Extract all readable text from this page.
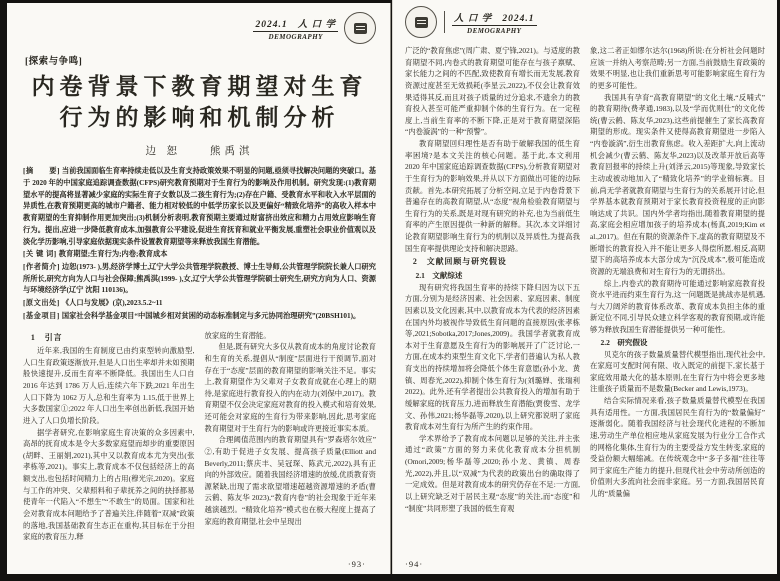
2024.1 人 口 学
DEMOGRAPHY
[探索与争鸣]
内卷背景下教育期望对生育
行为的影响和机制分析
边 恕　　熊禹淇

[摘　　要] 当前我国面临生育率持续走低以及生育支持政策效果不明显的问题,亟须寻找解决问题的突破口。基于 2020 年的中国家庭追踪调查数据(CFPS)研究教育预期对于生育行为的影响及作用机制。研究发现:(1)教育期望水平的提高将显著减少家庭的实际生育子女数以及二孩生育行为;(2)存在户籍、受教育水平和收入水平层面的异质性,在教育预期更高的城市户籍者、能力相对较低的中低学历家长以及更偏好“精致化培养”的高收入样本中教育期望的生育抑制作用更加突出;(3)机制分析表明,教育预期主要通过财富挤出效应和精力占用效应影响生育行为。提出,应进一步降低教育成本,加强教育公平建设,促进生育抚育和就业平衡发展,重塑社会职业价值观以及淡化学历影响,引导家庭依据现实条件设置教育期望等来释放我国生育潜能。

[关 键 词] 教育期望;生育行为;内卷;教育成本

[作者简介] 边恕(1973- ),男,经济学博士,辽宁大学公共管理学院教授、博士生导师,公共管理学院院长兼人口研究所所长,研究方向为人口与社会保障;熊禹淇(1999- ),女,辽宁大学公共管理学院硕士研究生,研究方向为人口、资源与环境经济学(辽宁 沈阳 110136)。

[原文出处] 《人口与发展》(京),2023.5.2~11

[基金项目] 国家社会科学基金项目“中国城乡相对贫困的动态标准制定与多元协同治理研究”(20BSH101)。

1　引言

近年来,我国的生育制度已由约束型转向激励型,人口生育政策逐渐放开,但是人口出生率却并未如预期般快速提升,反而生育率不断降低。我国出生人口自 2016 年达到 1786 万人后,连续六年下跌,2021 年出生人口下降为 1062 万人,总和生育率为 1.15,低于世界上大多数国家①;2022 年人口出生率创出新低,我国开始进入了人口负增长阶段。

据学者研究,在影响家庭生育决策的众多因素中,高昂的抚育成本是令大多数家庭望而却步的重要原因(胡畔、王丽娟,2021),其中又以教育成本尤为突出(张孝栋等,2021)。事实上,教育成本不仅包括经济上的高额支出,也包括时间精力上的占用(穆光宗,2020)。家庭与工作的冲突、父辈照料和子辈抚养之间的抉择都易使青年一代陷入“不想生”“不敢生”的局面。国家和社会对教育成本问题给予了普遍关注,伴随着“双减”政策的落地,我国基础教育生态正在重构,其目标在于分担家庭的教育压力,释

放家庭的生育潜能。

但是,既有研究大多仅从教育成本的角度讨论教育和生育的关系,提倡从“制度”层面进行干预调节,面对存在于“态度”层面的教育期望的影响关注不足。事实上,教育期望作为父辈对子女教育成就在心理上的期待,是家庭进行教育投入的内在动力(刘保中,2017)。教育期望不仅会决定家庭对教育的投入模式和培育效果,还可能会对家庭的生育行为带来影响,因此,思考家庭教育期望对于生育行为的影响或许更接近事实本质。

合理阈值范围内的教育期望具有“罗森塔尔效应”②,有助于促进子女发展、提高孩子质量(Elliott and Beverly,2011;蔡庆丰、吴冠琛、陈武元,2022),具有正向的外部效应。随着我国经济增速的放缓,优质教育资源紧缺,出现了需求欲望增速超越资源增速的矛盾(曹云鹤、陈友华 2023),“教育内卷”的社会现象于近年来越演越烈。“精致化培养”模式也在极大程度上提高了家庭的教育期望,社会中呈现出

·93·
人 口 学 2024.1
DEMOGRAPHY

广泛的“教育焦虑”(周广肃、夏宁锋,2021)。与适度的教育期望不同,内卷式的教育期望可能存在与孩子禀赋、家长能力之间的不匹配,致使教育有增长而无发展,教育资源过度甚至无效损耗(李星云,2022),不仅会让教育效果适得其反,而且对孩子质量的过分追求,不遗余力的教育投入甚至可能严重抑制个体的生育行为。在一定程度上,当前生育率的不断下降,正是对于教育期望深陷“内卷漩涡”的一种“预警”。

教育期望回归理性是否有助于破解我国的低生育率困境?是本文关注的核心问题。基于此,本文利用 2020 年中国家庭追踪调查数据(CFPS),分析教育期望对于生育行为的影响效果,并从以下方面做出可能的边际贡献。首先,本研究拓展了分析空间,立足于内卷背景下普遍存在的高教育期望,从“态度”视角检验教育期望与生育行为的关系,既是对现有研究的补充,也为当前低生育率的产生原因提供一种新的解释。其次,本文详细讨论教育期望影响生育行为的机制以及异质性,为提高我国生育率提供理论支持和解决思路。

2　文献回顾与研究假设

2.1　文献综述

现有研究将我国生育率的持续下降归因为以下五方面,分别为是经济因素、社会因素、家庭因素、制度因素以及文化因素,其中,以教育成本为代表的经济因素在国内外均被视作导致低生育问题的直接原因(张孝栋等,2021;Sobotka,2017;Jones,2009)。我国学者就教育成本对于生育意愿及生育行为的影响展开了广泛讨论,一方面,在成本约束型生育文化下,学者们普遍认为私人教育支出的持续增加将会降低个体生育意愿(孙小龙、黄镇、周春光,2022),抑制个体生育行为(刘璐婵、张瑞利 2022)。此外,还有学者提出公共教育投入的增加有助于缓解家庭的抚育压力,进而释放生育潜能(贾俊雪、龙学文、孙伟,2021;杨华磊等,2020),以上研究都说明了家庭教育成本对生育行为所产生的约束作用。

学术界给予了教育成本问题以足够的关注,并主张通过“政策”方面的努力来优化教育成本分担机制(Omori,2009;杨华磊等,2020;孙小龙、黄镇、周春光,2022),并且,以“双减”为代表的政策出台的确取得了一定成效。但是对教育成本的研究仍存在不足:一方面,以上研究缺乏对于居民主观“态度”的关注,而“态度”和“制度”共同形塑了我国的低生育观

象,这二者正如缪尔达尔(1968)所说:在分析社会问题时应该一并纳入考察范畴;另一方面,当前鼓励生育政策的效果不明显,也让我们重新思考可能影响家庭生育行为的更多可能性。

我国具有孕育“高教育期望”的文化土壤,“反哺式”的教育期待(费孝通,1983),以及“学而优则仕”的文化传统(曹云鹤、陈友华,2023),这些前提催生了家长高教育期望的形成。现实条件又使得高教育期望进一步陷入“内卷漩涡”,衍生出教育焦虑。收入差距扩大,向上流动机会减少(曹云鹤、陈友华,2023)以及改革开放后高等教育回报率的持续上升(刘泽云,2015)等现象,导致家长主动或被动地加入了“精致化培养”的学业锦标赛。目前,尚无学者就教育期望与生育行为的关系展开讨论,但学界基本就教育预期对于家长教育投资程度的正向影响达成了共识。国内外学者均指出,随着教育期望的提高,家庭会相应增加孩子的培养成本(杨真,2019;Kim et al.,2017)。但在有限的资源条件下,虚高的教育期望及不断增长的教育投入并不能让更多人得偿所愿,相反,高期望下的高培养成本大部分成为“沉没成本”,极可能造成资源的无端浪费和对生育行为的无谓挤出。

综上,内卷式的教育期待可能通过影响家庭教育投资水平进而约束生育行为,这一问题既是挑战亦是机遇,与大刀阔斧的教育体系改革、教育成本负担主体的重新定位不同,引导民众建立科学客观的教育预期,或许能够为释放我国生育潜能提供另一种可能性。

2.2　研究假设

贝克尔的孩子数量质量替代模型指出,现代社会中,在家庭可支配时间有限、收入既定的前提下,家长基于家庭效用最大化的基本原则,在生育行为中将会更多地注重孩子质量而不是数量(Becker and Lewis,1973)。

结合实际情况来看,孩子数量质量替代模型在我国具有适用性。一方面,我国居民生育行为的“数量偏好”逐渐弱化。随着我国经济与社会现代化进程的不断加速,劳动生产单位相应地从家庭发展为行业分工合作式的网格化集体,生育行为的主要受益方发生转变,家庭的受益份额大幅缩减。在传统观念中“多子多福”往往等同于家庭生产能力的提升,但现代社会中劳动所创造的价值则大多流向社会而非家庭。另一方面,我国居民育儿的“质量偏

·94·
